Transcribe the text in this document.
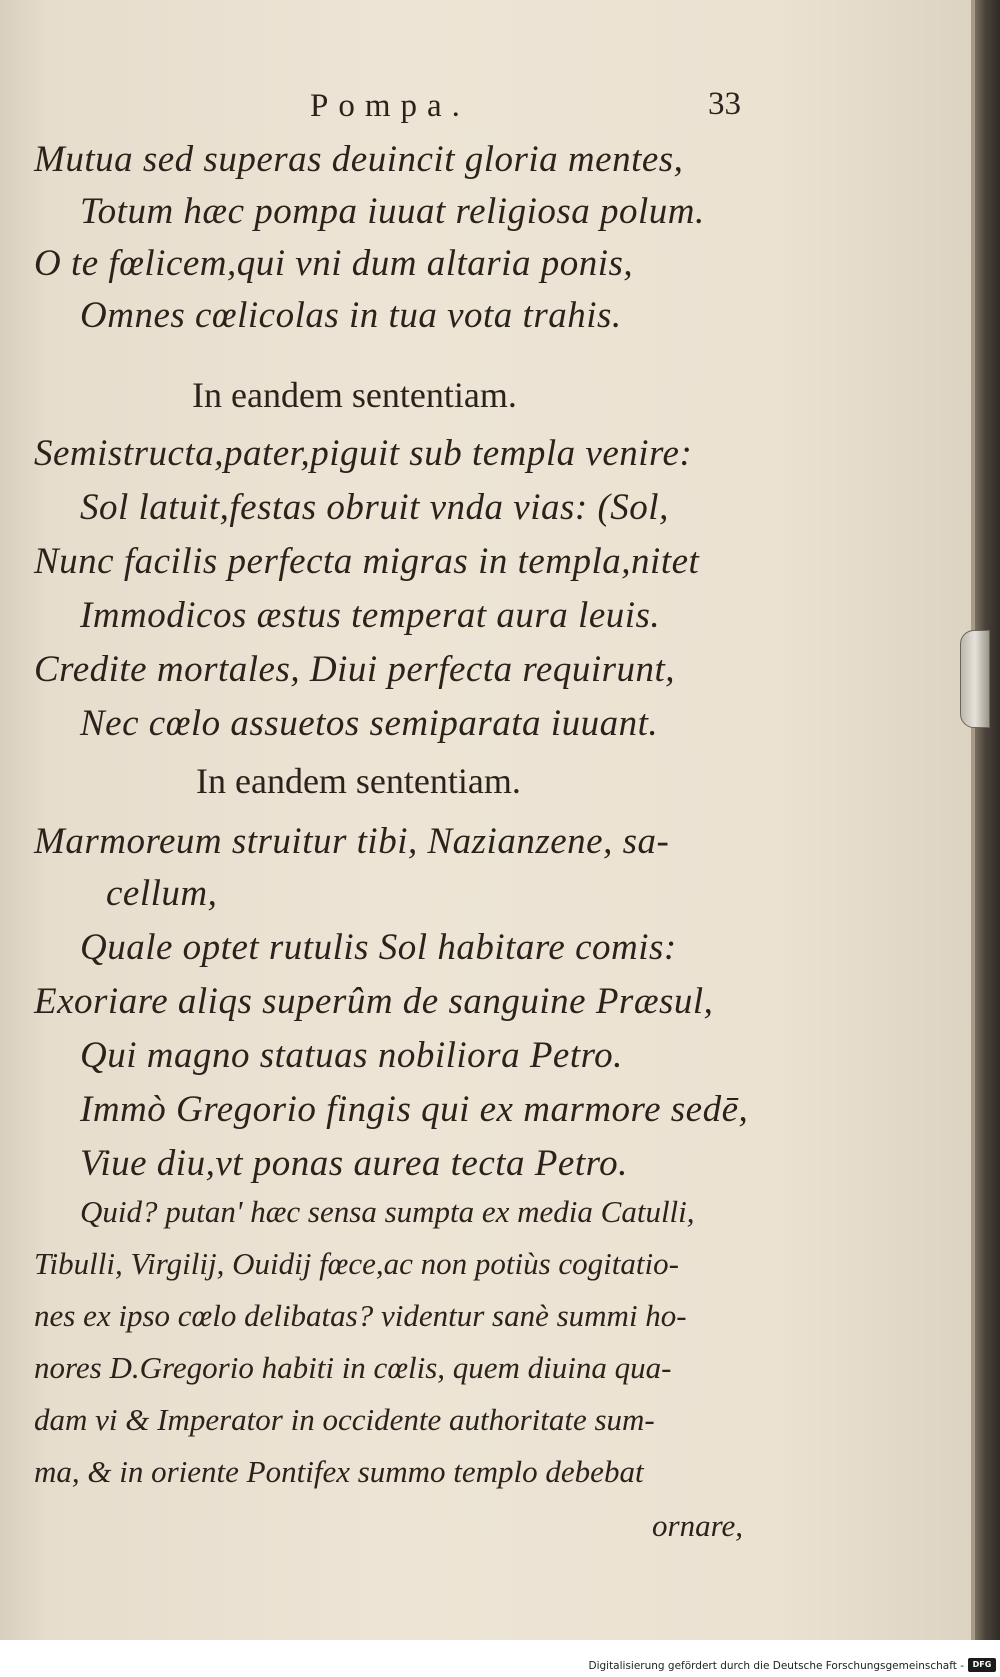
Pompa.	33
Mutua sed superas deuincit gloria mentes,
Totum hæc pompa iuuat religiosa polum.
O te fœlicem,qui vni dum altaria ponis,
Omnes cœlicolas in tua vota trahis.
In eandem sententiam.
Semistructa,pater,piguit sub templa venire:
Sol latuit,festas obruit vnda vias: (Sol,
Nunc facilis perfecta migras in templa,nitet
Immodicos æstus temperat aura leuis.
Credite mortales, Diui perfecta requirunt,
Nec cœlo assuetos semiparata iuuant.
In eandem sententiam.
Marmoreum struitur tibi, Nazianzene, sa-
cellum,
Quale optet rutulis Sol habitare comis:
Exoriare aliqs superûm de sanguine Præsul,
Qui magno statuas nobiliora Petro.
Immò Gregorio fingis qui ex marmore sedē,
Viue diu,vt ponas aurea tecta Petro.
Quid? putan' hæc sensa sumpta ex media Catulli,
Tibulli, Virgilij, Ouidij fœce,ac non potiùs cogitatio-
nes ex ipso cœlo delibatas? videntur sanè summi ho-
nores D.Gregorio habiti in cœlis, quem diuina qua-
dam vi & Imperator in occidente authoritate sum-
ma, & in oriente Pontifex summo templo debebat
ornare,
Digitalisierung gefördert durch die Deutsche Forschungsgemeinschaft -	DFG
